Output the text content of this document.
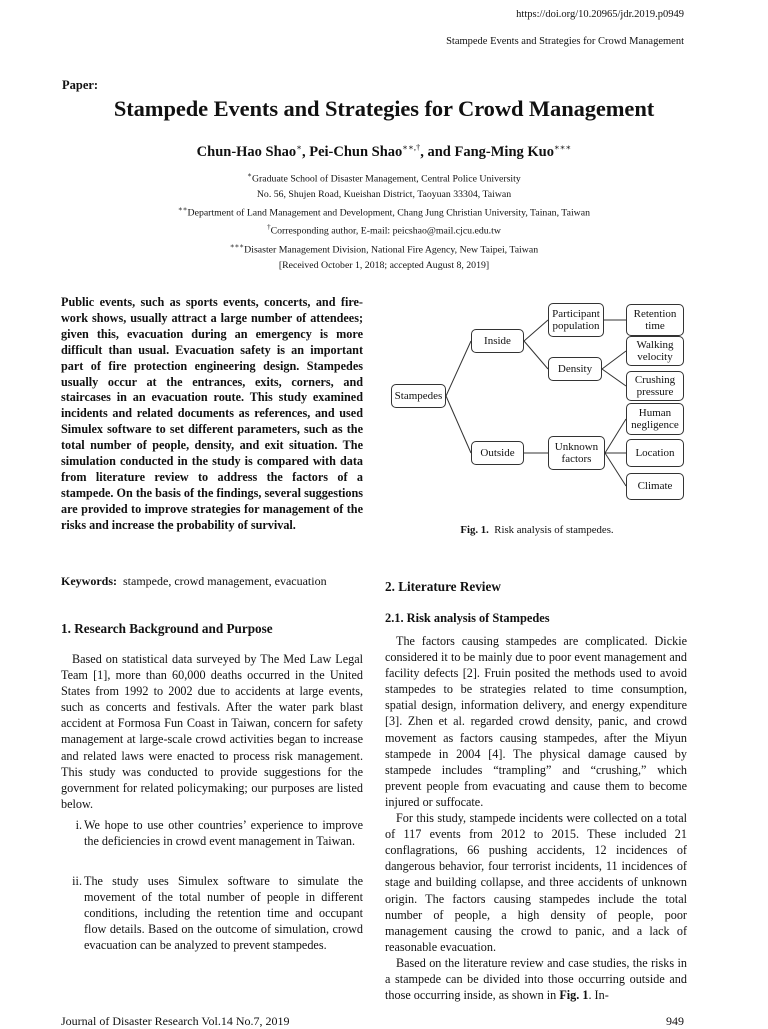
https://doi.org/10.20965/jdr.2019.p0949
Stampede Events and Strategies for Crowd Management
Paper:
Stampede Events and Strategies for Crowd Management
Chun-Hao Shao∗, Pei-Chun Shao∗∗,†, and Fang-Ming Kuo∗∗∗
∗Graduate School of Disaster Management, Central Police University
No. 56, Shujen Road, Kueishan District, Taoyuan 33304, Taiwan
∗∗Department of Land Management and Development, Chang Jung Christian University, Tainan, Taiwan
†Corresponding author, E-mail: peicshao@mail.cjcu.edu.tw
∗∗∗Disaster Management Division, National Fire Agency, New Taipei, Taiwan
[Received October 1, 2018; accepted August 8, 2019]
Public events, such as sports events, concerts, and fire-work shows, usually attract a large number of attendees; given this, evacuation during an emergency is more difficult than usual. Evacuation safety is an important part of fire protection engineering design. Stampedes usually occur at the entrances, exits, corners, and staircases in an evacuation route. This study examined incidents and related documents as references, and used Simulex software to set different parameters, such as the total number of people, density, and exit situation. The simulation conducted in the study is compared with data from literature review to address the factors of a stampede. On the basis of the findings, several suggestions are provided to improve strategies for management of the risks and increase the probability of survival.
Keywords: stampede, crowd management, evacuation
1. Research Background and Purpose

Based on statistical data surveyed by The Med Law Legal Team [1], more than 60,000 deaths occurred in the United States from 1992 to 2002 due to accidents at large events, such as concerts and festivals. After the water park blast accident at Formosa Fun Coast in Taiwan, concern for safety management at large-scale crowd activities began to increase and related laws were enacted to process risk management. This study was conducted to provide suggestions for the government for related policymaking; our purposes are listed below.

i. We hope to use other countries’ experience to improve the deficiencies in crowd event management in Taiwan.
ii. The study uses Simulex software to simulate the movement of the total number of people in different conditions, including the retention time and occupant flow details. Based on the outcome of simulation, crowd evacuation can be analyzed to prevent stampedes.
Stampedes
Inside
Outside
Participant population
Density
Unknown factors
Retention time
Walking velocity
Crushing pressure
Human negligence
Location
Climate
Fig. 1. Risk analysis of stampedes.
2. Literature Review
2.1. Risk analysis of Stampedes

The factors causing stampedes are complicated. Dickie considered it to be mainly due to poor event management and facility defects [2]. Fruin posited the methods used to avoid stampedes to be strategies related to time consumption, spatial design, information delivery, and energy expenditure [3]. Zhen et al. regarded crowd density, panic, and crowd movement as factors causing stampedes, after the Miyun stampede in 2004 [4]. The physical damage caused by stampede includes “trampling” and “crushing,” which prevent people from evacuating and cause them to become injured or suffocate.

For this study, stampede incidents were collected on a total of 117 events from 2012 to 2015. These included 21 conflagrations, 66 pushing accidents, 12 incidences of dangerous behavior, four terrorist incidents, 11 incidences of stage and building collapse, and three accidents of unknown origin. The factors causing stampedes include the total number of people, a high density of people, poor management causing the crowd to panic, and a lack of reasonable evacuation.

Based on the literature review and case studies, the risks in a stampede can be divided into those occurring outside and those occurring inside, as shown in Fig. 1. In-

Journal of Disaster Research Vol.14 No.7, 2019	949
